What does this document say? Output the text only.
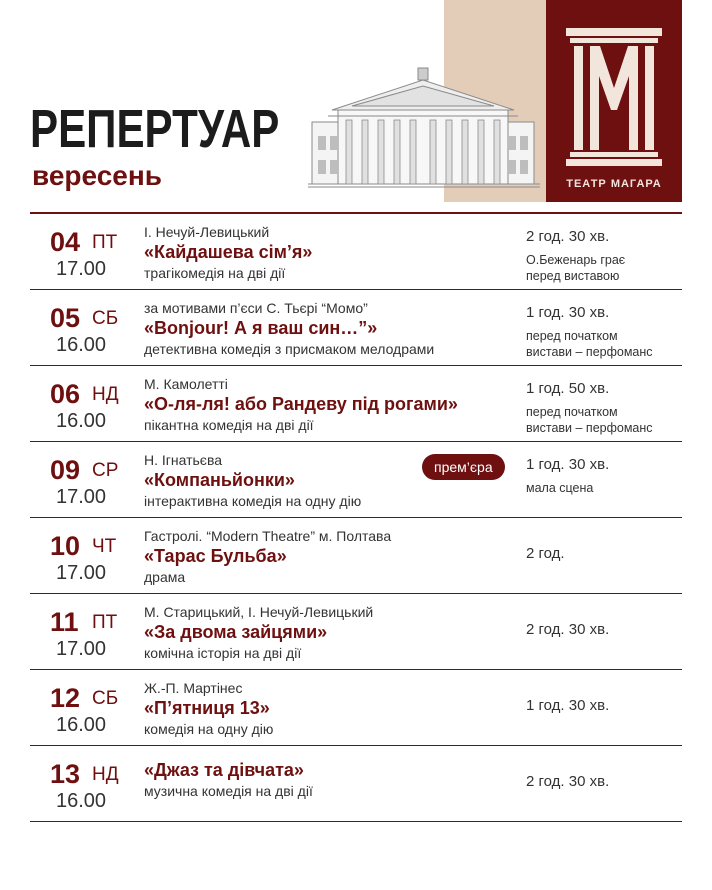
ТЕАТР МАГАРА
РЕПЕРТУАР
вересень
04 ПТ
17.00
І. Нечуй-Левицький
«Кайдашева сім’я»
трагікомедія на дві дії
2 год. 30 хв.
О.Беженарь грає
перед виставою
05 СБ
16.00
за мотивами п’єси С. Тьєрі “Момо”
«Bonjour! А я ваш син…”»
детективна комедія з присмаком мелодрами
1 год. 30 хв.
перед початком
вистави – перфоманс
06 НД
16.00
М. Камолетті
«О-ля-ля! або Рандеву під рогами»
пікантна комедія на дві дії
1 год. 50 хв.
перед початком
вистави – перфоманс
09 СР
17.00
Н. Ігнатьєва
«Компаньйонки»
інтерактивна комедія на одну дію
прем’єра	1 год. 30 хв.
мала сцена
10 ЧТ
17.00
Гастролі. “Modern Theatre” м. Полтава
«Тарас Бульба»
драма
2 год.
11 ПТ
17.00
М. Старицький, І. Нечуй-Левицький
«За двома зайцями»
комічна історія на дві дії
2 год. 30 хв.
12 СБ
16.00
Ж.-П. Мартінес
«П’ятниця 13»
комедія на одну дію
1 год. 30 хв.
13 НД
16.00
«Джаз та дівчата»
музична комедія на дві дії
2 год. 30 хв.
